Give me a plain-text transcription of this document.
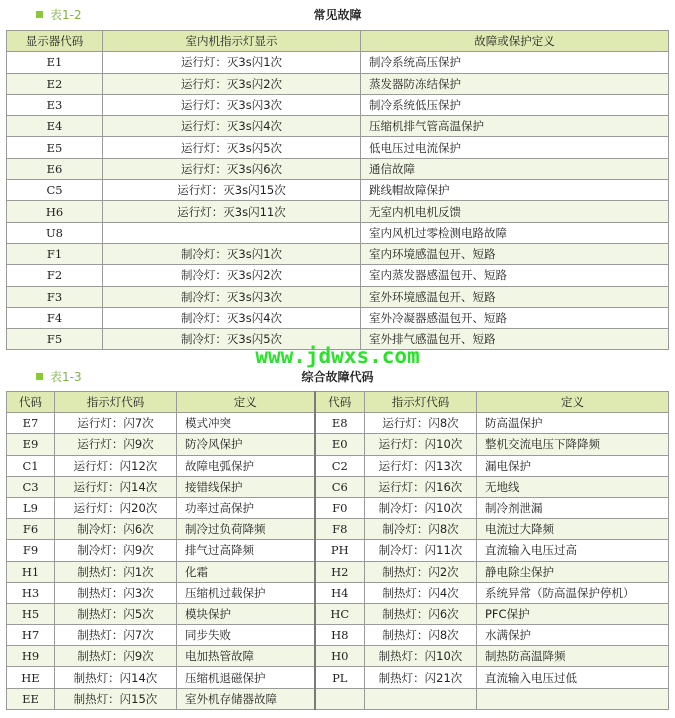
表1-2	常见故障
显示器代码	室内机指示灯显示	故障或保护定义
E1	运行灯：灭3s闪1次	制冷系统高压保护
E2	运行灯：灭3s闪2次	蒸发器防冻结保护
E3	运行灯：灭3s闪3次	制冷系统低压保护
E4	运行灯：灭3s闪4次	压缩机排气管高温保护
E5	运行灯：灭3s闪5次	低电压过电流保护
E6	运行灯：灭3s闪6次	通信故障
C5	运行灯：灭3s闪15次	跳线帽故障保护
H6	运行灯：灭3s闪11次	无室内机电机反馈
U8		室内风机过零检测电路故障
F1	制冷灯：灭3s闪1次	室内环境感温包开、短路
F2	制冷灯：灭3s闪2次	室内蒸发器感温包开、短路
F3	制冷灯：灭3s闪3次	室外环境感温包开、短路
F4	制冷灯：灭3s闪4次	室外冷凝器感温包开、短路
F5	制冷灯：灭3s闪5次	室外排气感温包开、短路
www.jdwxs.com
表1-3	综合故障代码
代码	指示灯代码	定义	代码	指示灯代码	定义
E7	运行灯：闪7次	模式冲突	E8	运行灯：闪8次	防高温保护
E9	运行灯：闪9次	防冷风保护	E0	运行灯：闪10次	整机交流电压下降降频
C1	运行灯：闪12次	故障电弧保护	C2	运行灯：闪13次	漏电保护
C3	运行灯：闪14次	接错线保护	C6	运行灯：闪16次	无地线
L9	运行灯：闪20次	功率过高保护	F0	制冷灯：闪10次	制冷剂泄漏
F6	制冷灯：闪6次	制冷过负荷降频	F8	制冷灯：闪8次	电流过大降频
F9	制冷灯：闪9次	排气过高降频	PH	制冷灯：闪11次	直流输入电压过高
H1	制热灯：闪1次	化霜	H2	制热灯：闪2次	静电除尘保护
H3	制热灯：闪3次	压缩机过载保护	H4	制热灯：闪4次	系统异常（防高温保护停机）
H5	制热灯：闪5次	模块保护	HC	制热灯：闪6次	PFC保护
H7	制热灯：闪7次	同步失败	H8	制热灯：闪8次	水满保护
H9	制热灯：闪9次	电加热管故障	H0	制热灯：闪10次	制热防高温降频
HE	制热灯：闪14次	压缩机退磁保护	PL	制热灯：闪21次	直流输入电压过低
EE	制热灯：闪15次	室外机存储器故障			
